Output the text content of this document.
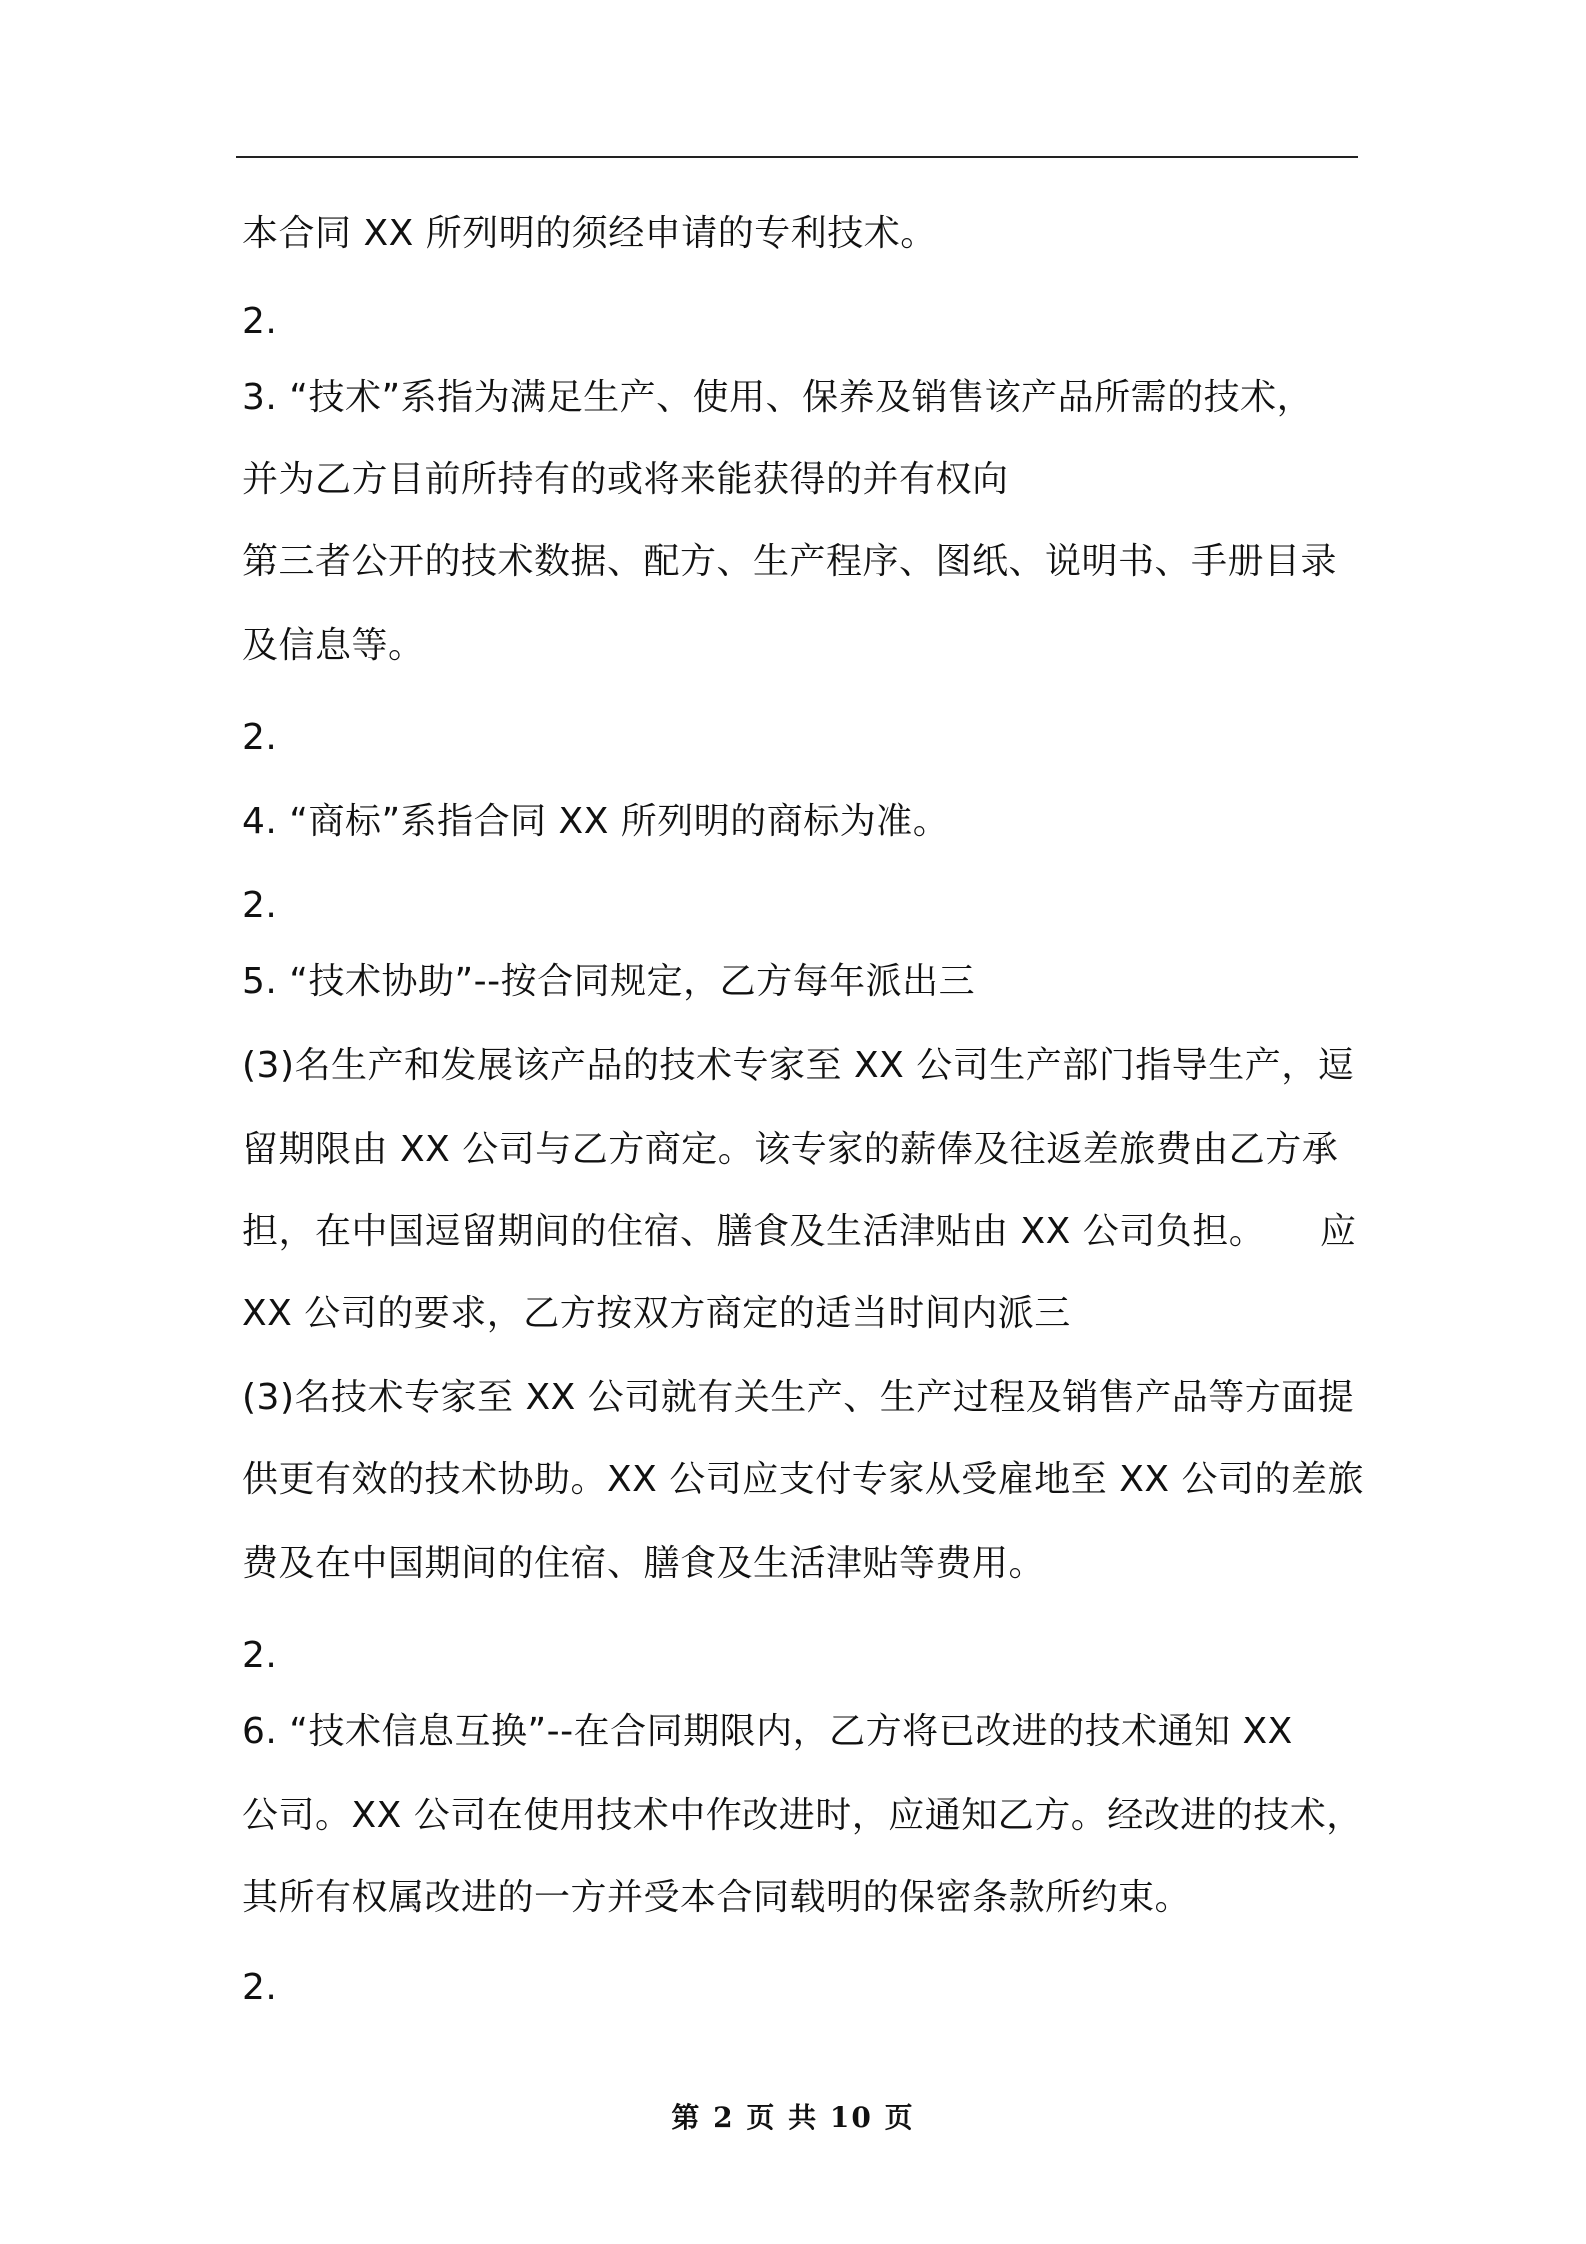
本合同 XX 所列明的须经申请的专利技术。
2.
3. “技术”系指为满足生产、使用、保养及销售该产品所需的技术，
并为乙方目前所持有的或将来能获得的并有权向
第三者公开的技术数据、配方、生产程序、图纸、说明书、手册目录
及信息等。
2.
4. “商标”系指合同 XX 所列明的商标为准。
2.
5. “技术协助”--按合同规定，乙方每年派出三
(3)名生产和发展该产品的技术专家至 XX 公司生产部门指导生产，逗
留期限由 XX 公司与乙方商定。该专家的薪俸及往返差旅费由乙方承
担，在中国逗留期间的住宿、膳食及生活津贴由 XX 公司负担。 应
XX 公司的要求，乙方按双方商定的适当时间内派三
(3)名技术专家至 XX 公司就有关生产、生产过程及销售产品等方面提
供更有效的技术协助。XX 公司应支付专家从受雇地至 XX 公司的差旅
费及在中国期间的住宿、膳食及生活津贴等费用。
2.
6. “技术信息互换”--在合同期限内，乙方将已改进的技术通知 XX
公司。XX 公司在使用技术中作改进时，应通知乙方。经改进的技术，
其所有权属改进的一方并受本合同载明的保密条款所约束。
2.
第 2 页 共 10 页
